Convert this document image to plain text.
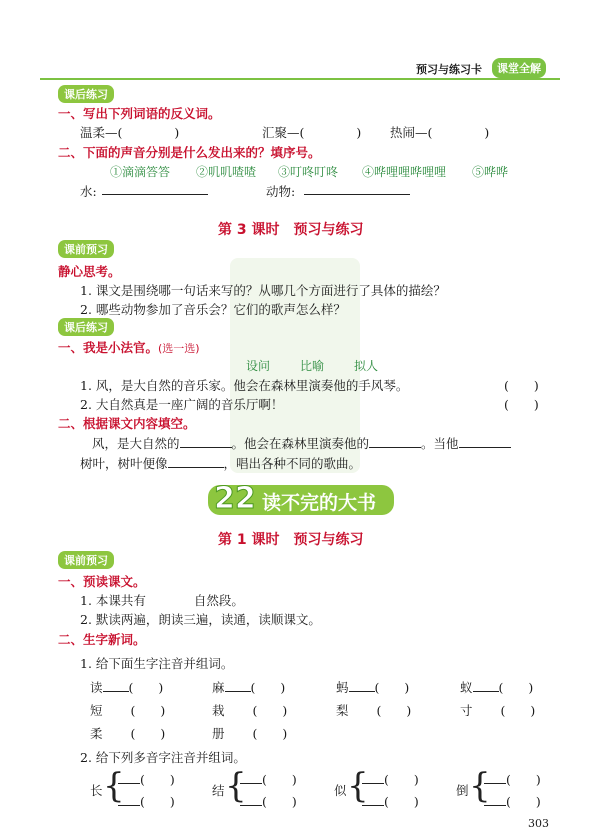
预习与练习卡	课堂全解
课后练习
一、写出下列词语的反义词。
温柔—(	)	汇聚—(	) 热闹—(	)
二、下面的声音分别是什么发出来的？填序号。
①滴滴答答 ②叽叽喳喳 ③叮咚叮咚 ④哗哩哩哗哩哩 ⑤哗哗
水:	动物:
第 3 课时　预习与练习
课前预习
静心思考。
1. 课文是围绕哪一句话来写的？从哪几个方面进行了具体的描绘？
2. 哪些动物参加了音乐会？它们的歌声怎么样？
课后练习
一、我是小法官。(选一选)
设问 比喻 拟人
1. 风，是大自然的音乐家。他会在森林里演奏他的手风琴。	(　　)
2. 大自然真是一座广阔的音乐厅啊！	(　　)
二、根据课文内容填空。
风，是大自然的	。他会在森林里演奏他的	。当他
树叶，树叶便像	，唱出各种不同的歌曲。
22 读不完的大书
第 1 课时　预习与练习
课前预习
一、预读课文。
1. 本课共有	自然段。
2. 默读两遍，朗读三遍，读通，读顺课文。
二、生字新词。
1. 给下面生字注音并组词。
读 (　　)	麻 (　　)	蚂 (　　)	蚁 (　　)
短 (　　)	栽 (　　)	梨 (　　)	寸 (　　)
柔 (　　)	册 (　　)
2. 给下列多音字注音并组词。
长 {	(　　)
(　　)
结 {	(　　)
(　　)
似 {	(　　)
(　　)
倒 {	(　　)
(　　)
303
